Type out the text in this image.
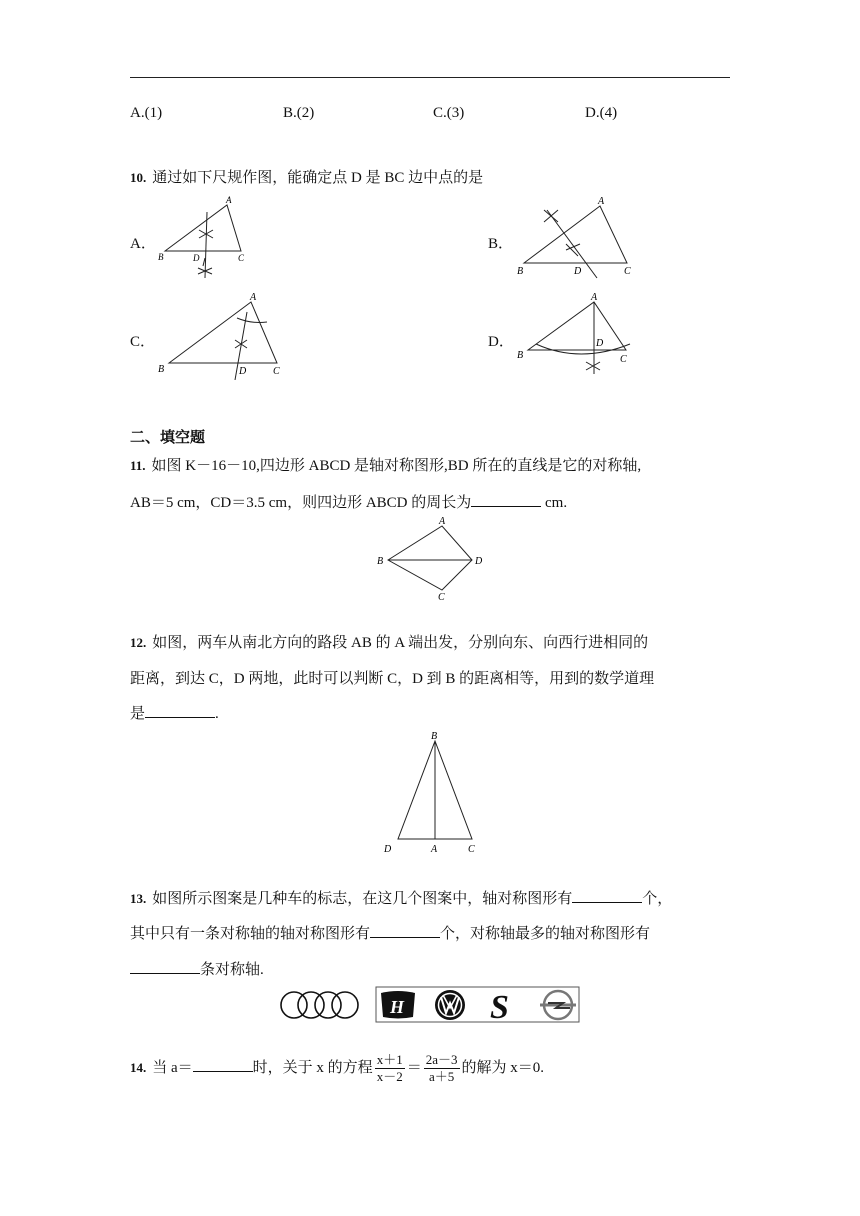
A.(1)	B.(2)	C.(3)	D.(4)
10. 通过如下尺规作图，能确定点 D 是 BC 边中点的是
A．	B．
C．	D．
A
B	D	C
A
B	D	C
A
B	D	C
A
B
D
C
二、填空题
11. 如图 K－16－10,四边形 ABCD 是轴对称图形,BD 所在的直线是它的对称轴,
AB＝5 cm，CD＝3.5 cm，则四边形 ABCD 的周长为	cm.
A
B	D
C
12. 如图，两车从南北方向的路段 AB 的 A 端出发，分别向东、向西行进相同的
距离，到达 C，D 两地，此时可以判断 C，D 到 B 的距离相等，用到的数学道理
是	.
B
D	A	C
13. 如图所示图案是几种车的标志，在这几个图案中，轴对称图形有	个，
其中只有一条对称轴的轴对称图形有	个，对称轴最多的轴对称图形有
条对称轴.
H	S
14. 当 a＝	时，关于 x 的方程 $\frac{x+1}{x-2} = \frac{2a-3}{a+5}$ 的解为 x＝0.
